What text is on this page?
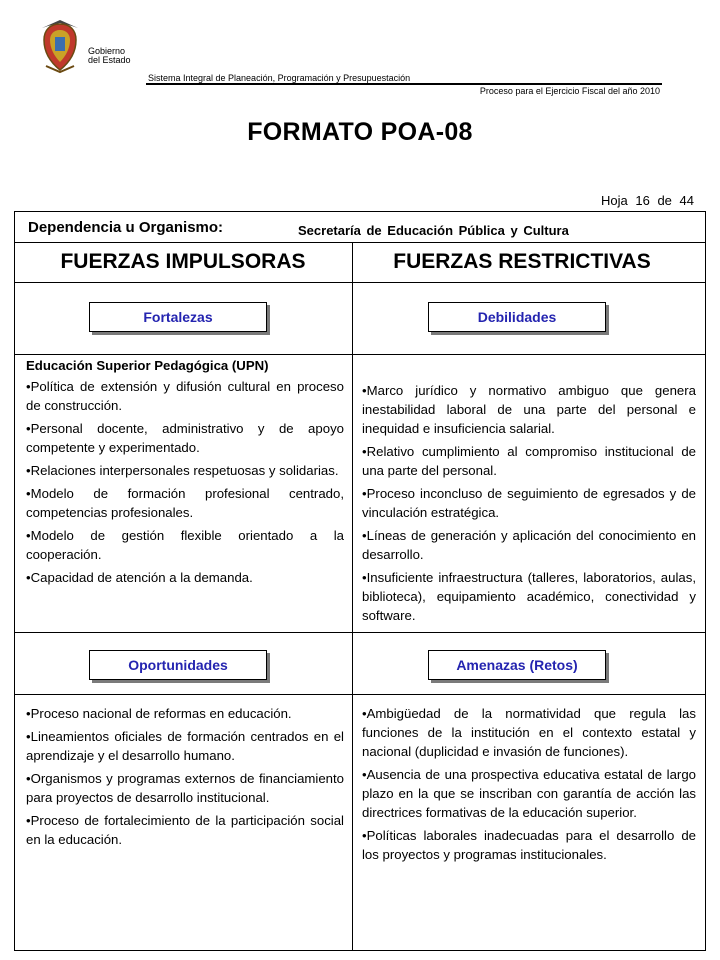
Gobierno
del Estado
Sistema Integral de Planeación, Programación y Presupuestación
Proceso para el Ejercicio Fiscal del año 2010
FORMATO POA-08
Hoja 16 de 44
Dependencia u Organismo:	Secretaría de Educación Pública y Cultura
FUERZAS IMPULSORAS	FUERZAS RESTRICTIVAS
Fortalezas	Debilidades
Educación Superior Pedagógica (UPN)
• Política de extensión y difusión cultural en proceso de construcción.
• Personal docente, administrativo y de apoyo competente y experimentado.
• Relaciones interpersonales respetuosas y solidarias.
• Modelo de formación profesional centrado, competencias profesionales.
• Modelo de gestión flexible orientado a la cooperación.
• Capacidad de atención a la demanda.
• Marco jurídico y normativo ambiguo que genera inestabilidad laboral de una parte del personal e inequidad e insuficiencia salarial.
• Relativo cumplimiento al compromiso institucional de una parte del personal.
• Proceso inconcluso de seguimiento de egresados y de vinculación estratégica.
• Líneas de generación y aplicación del conocimiento en desarrollo.
• Insuficiente infraestructura (talleres, laboratorios, aulas, biblioteca), equipamiento académico, conectividad y software.
Oportunidades	Amenazas (Retos)
• Proceso nacional de reformas en educación.
• Lineamientos oficiales de formación centrados en el aprendizaje y el desarrollo humano.
• Organismos y programas externos de financiamiento para proyectos de desarrollo institucional.
• Proceso de fortalecimiento de la participación social en la educación.
• Ambigüedad de la normatividad que regula las funciones de la institución en el contexto estatal y nacional (duplicidad e invasión de funciones).
• Ausencia de una prospectiva educativa estatal de largo plazo en la que se inscriban con garantía de acción las directrices formativas de la educación superior.
• Políticas laborales inadecuadas para el desarrollo de los proyectos y programas institucionales.
